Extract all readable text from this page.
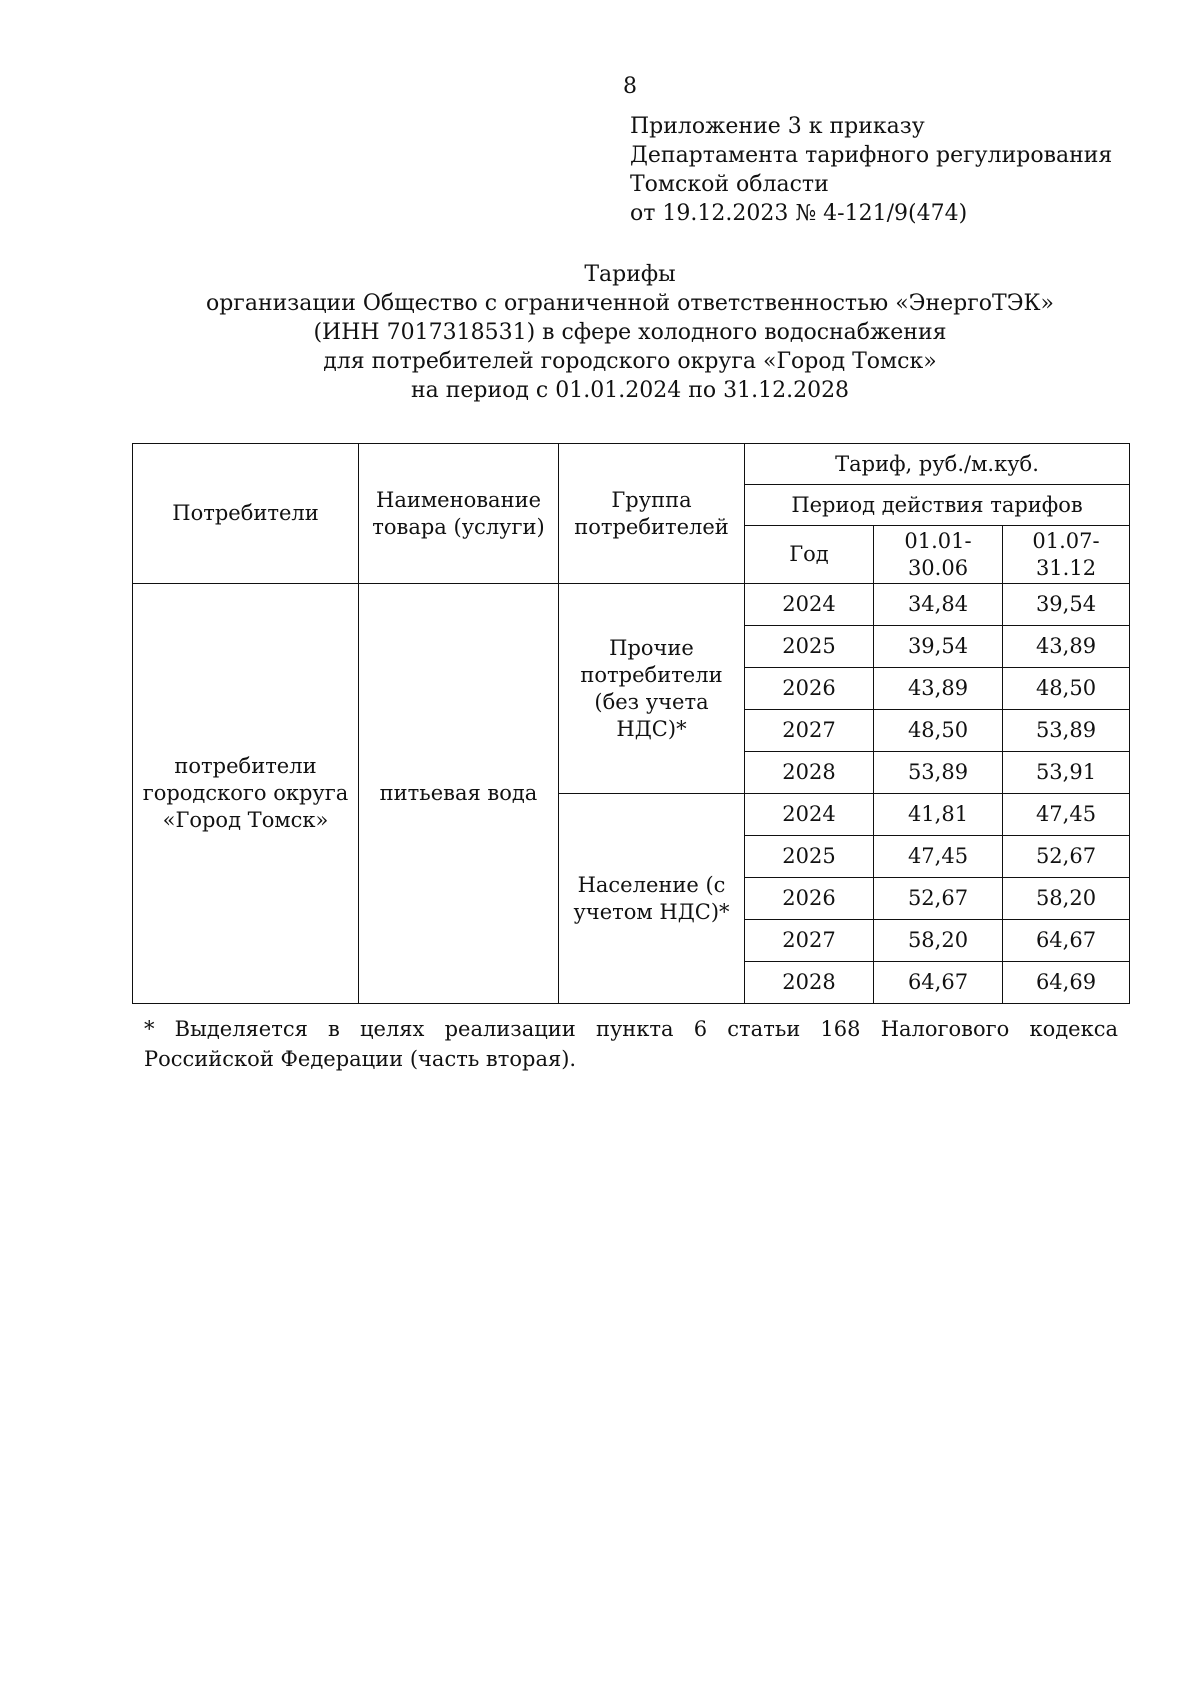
8
Приложение 3 к приказу
Департамента тарифного регулирования
Томской области
от 19.12.2023 № 4-121/9(474)
Тарифы
организации Общество с ограниченной ответственностью «ЭнергоТЭК»
(ИНН 7017318531) в сфере холодного водоснабжения
для потребителей городского округа «Город Томск»
на период с 01.01.2024 по 31.12.2028
Потребители	Наименование товара (услуги)	Группа потребителей	Тариф, руб./м.куб.		
			Период действия тарифов		
			Год	01.01-30.06	01.07-31.12
потребители городского округа «Город Томск»	питьевая вода	Прочие потребители (без учета НДС)*	2024	34,84	39,54
			2025	39,54	43,89
			2026	43,89	48,50
			2027	48,50	53,89
			2028	53,89	53,91
		Население (с учетом НДС)*	2024	41,81	47,45
			2025	47,45	52,67
			2026	52,67	58,20
			2027	58,20	64,67
			2028	64,67	64,69
* Выделяется в целях реализации пункта 6 статьи 168 Налогового кодекса Российской Федерации (часть вторая).
